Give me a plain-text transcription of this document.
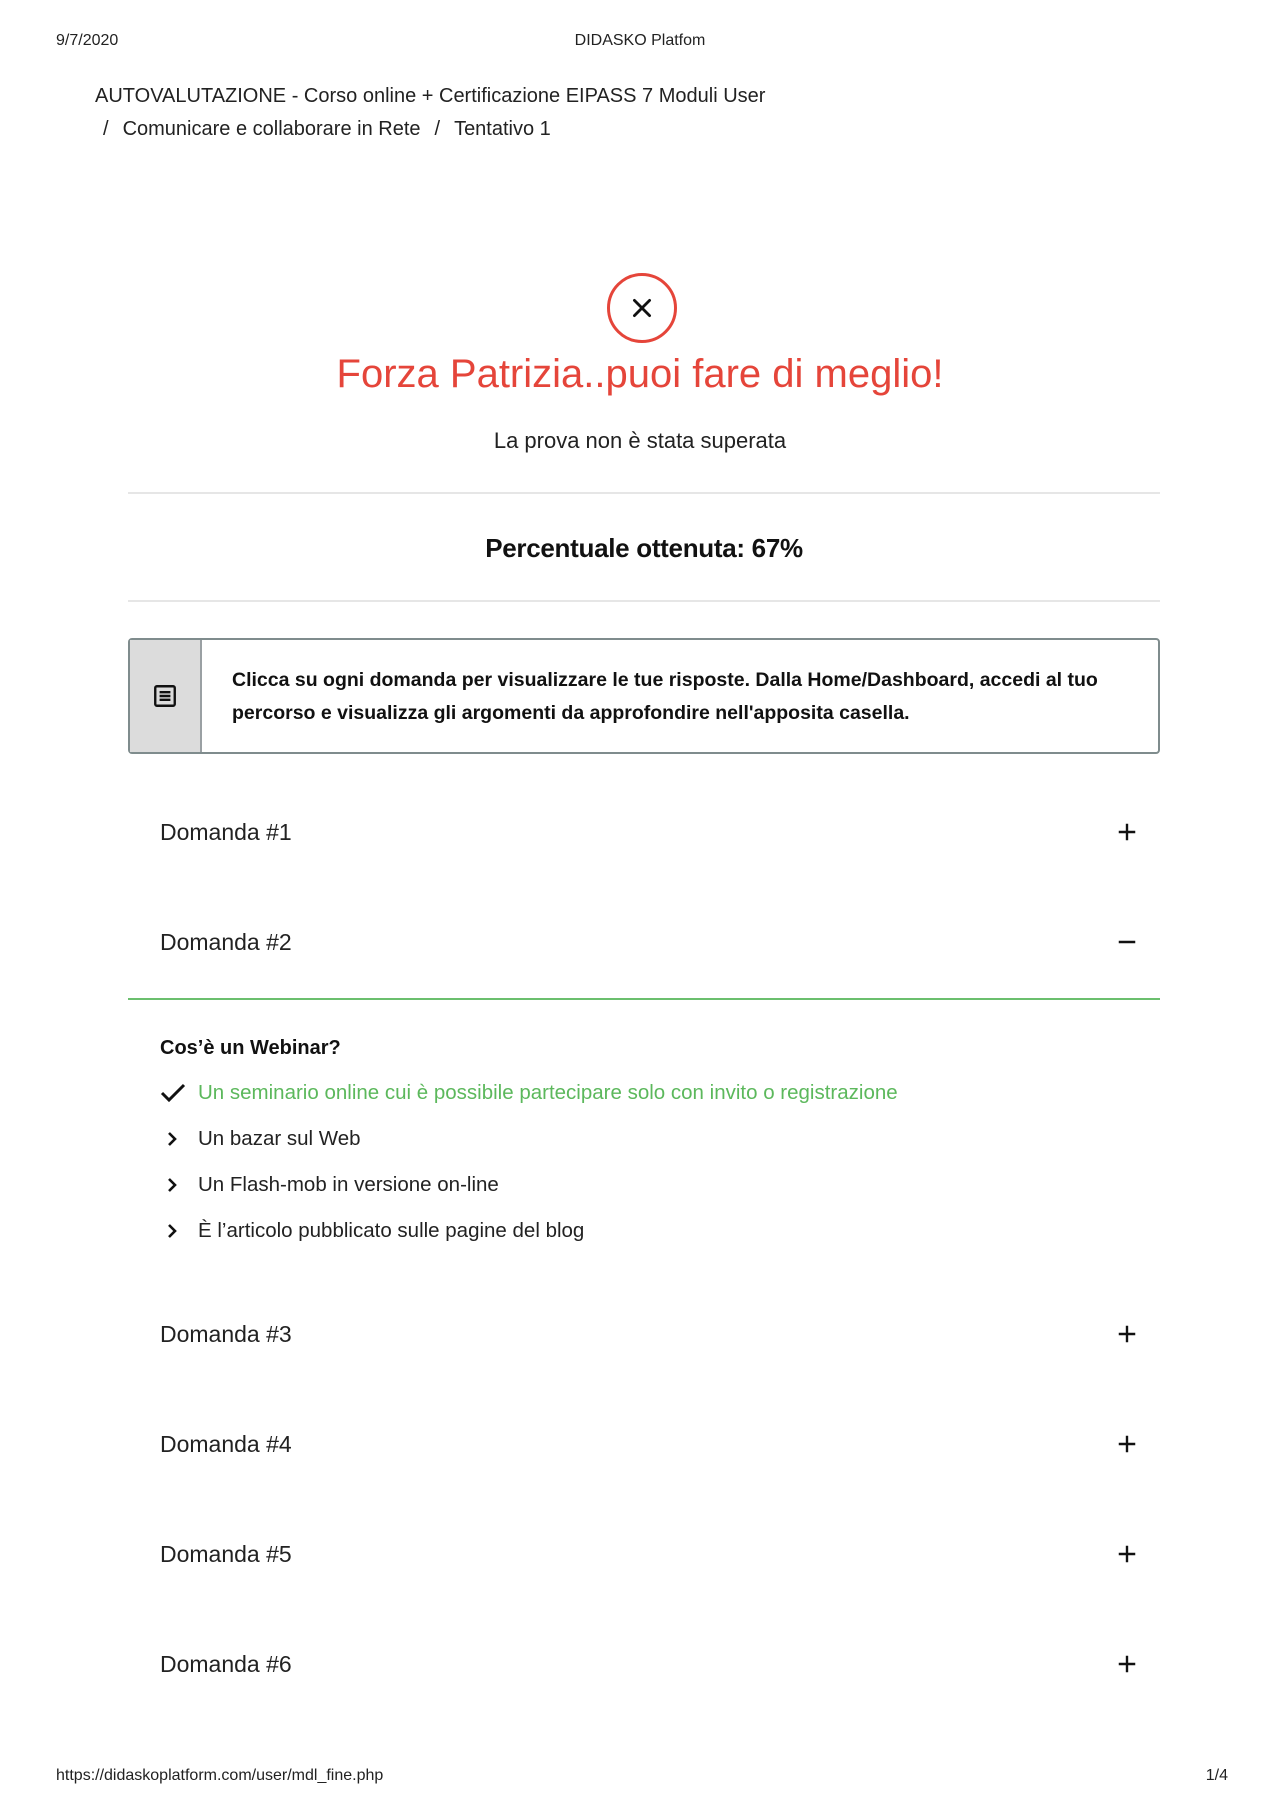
9/7/2020	DIDASKO Platfom
AUTOVALUTAZIONE - Corso online + Certificazione EIPASS 7 Moduli User
/ Comunicare e collaborare in Rete / Tentativo 1
Forza Patrizia..puoi fare di meglio!
La prova non è stata superata
Percentuale ottenuta: 67%
Clicca su ogni domanda per visualizzare le tue risposte. Dalla Home/Dashboard, accedi al tuo percorso e visualizza gli argomenti da approfondire nell'apposita casella.
Domanda #1
Domanda #2
Cos’è un Webinar?
Un seminario online cui è possibile partecipare solo con invito o registrazione
Un bazar sul Web
Un Flash-mob in versione on-line
È l’articolo pubblicato sulle pagine del blog
Domanda #3
Domanda #4
Domanda #5
Domanda #6
https://didaskoplatform.com/user/mdl_fine.php	1/4
